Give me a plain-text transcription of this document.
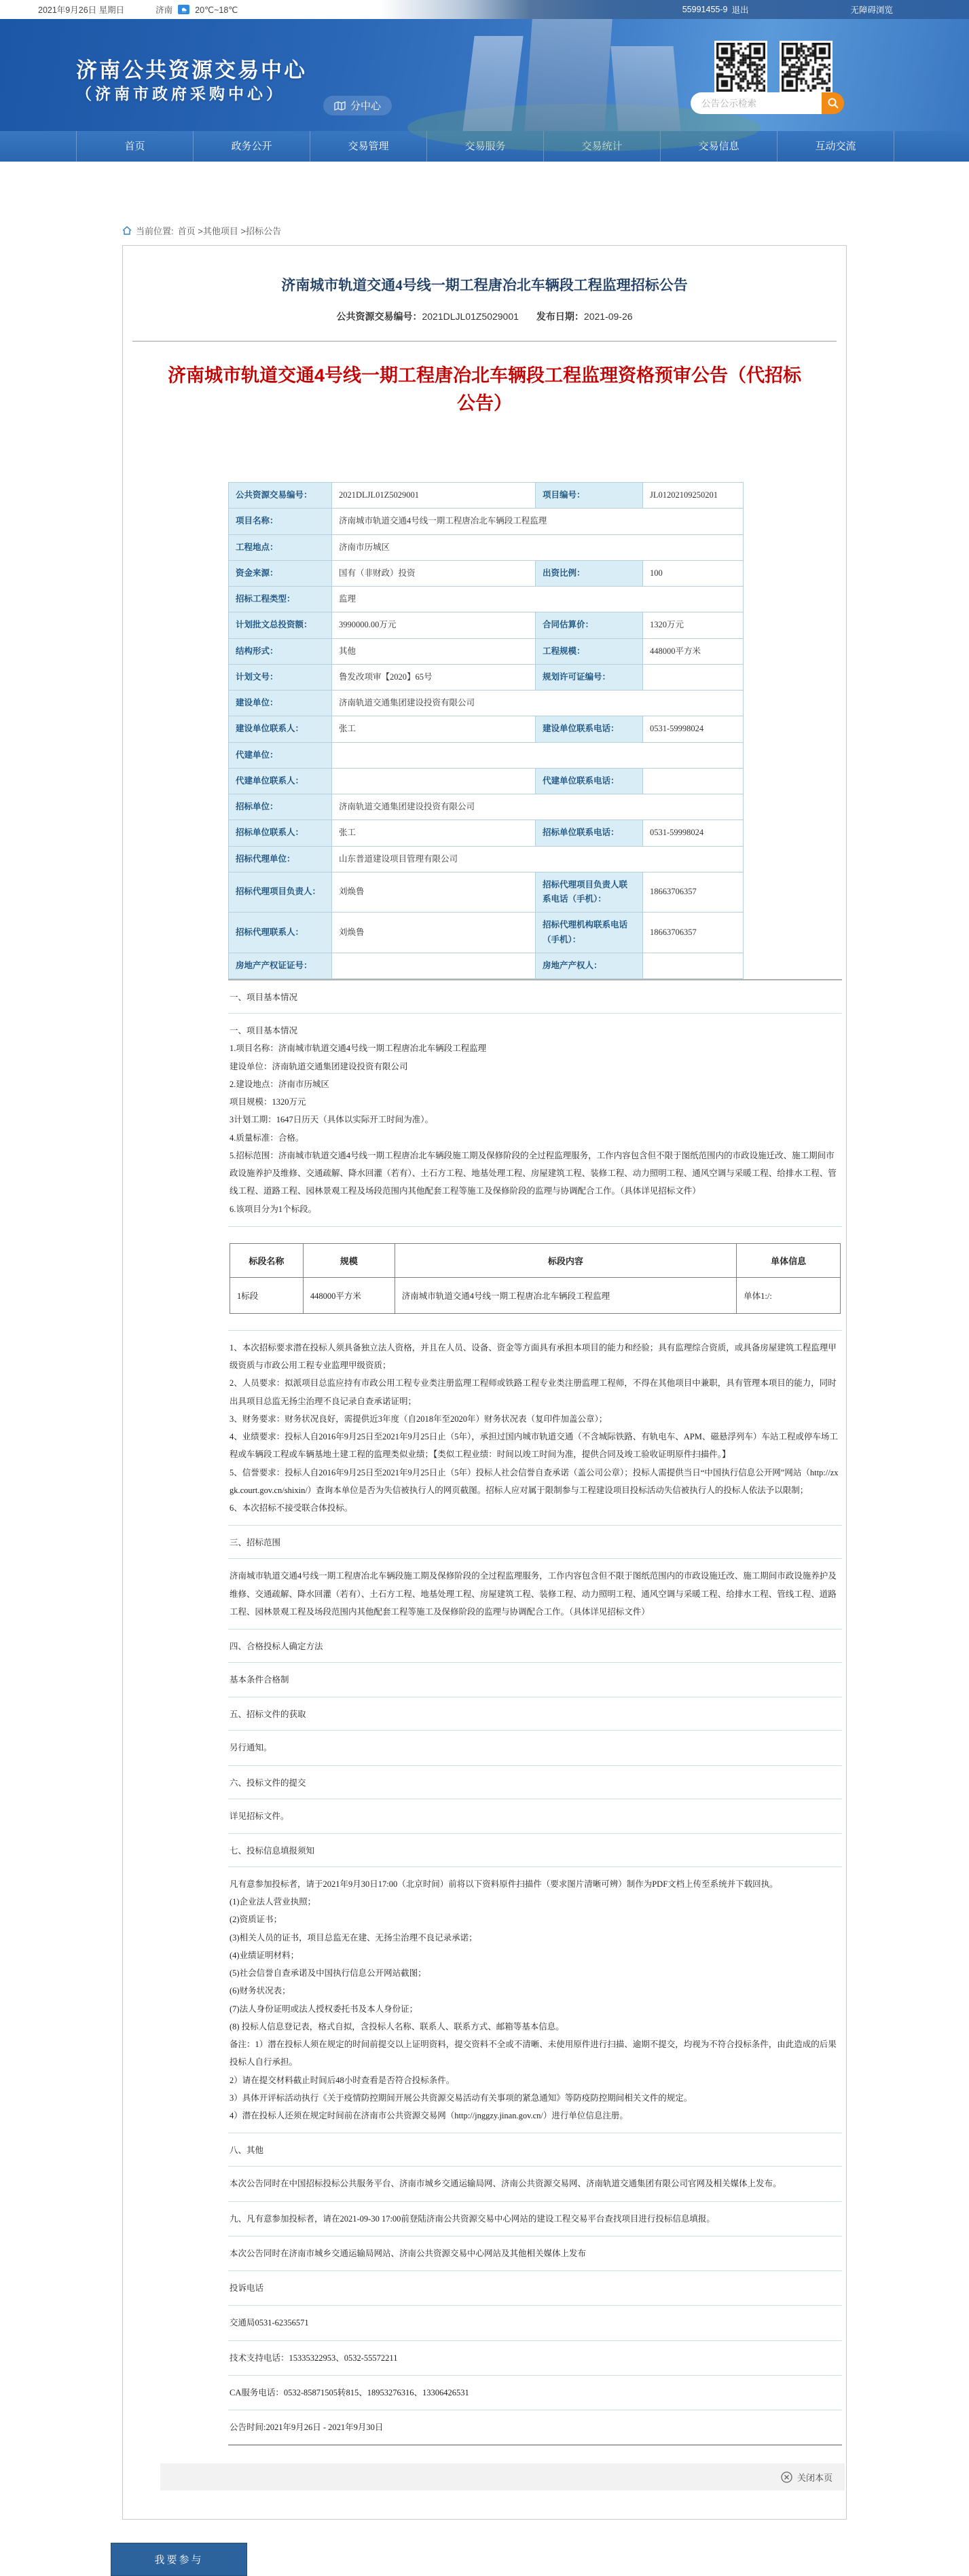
2021年9月26日 星期日	济南	20℃~18℃	55991455-9 退出	无障碍浏览
济南公共资源交易中心
（济南市政府采购中心）
分中心
公告公示检索
首页	政务公开	交易管理	交易服务	交易统计	交易信息	互动交流
当前位置: 首页 >其他项目 >招标公告
济南城市轨道交通4号线一期工程唐冶北车辆段工程监理招标公告
公共资源交易编号：2021DLJL01Z5029001 发布日期：2021-09-26
济南城市轨道交通4号线一期工程唐冶北车辆段工程监理资格预审公告（代招标公告）
公共资源交易编号：	2021DLJL01Z5029001	项目编号：	JL01202109250201
项目名称：	济南城市轨道交通4号线一期工程唐冶北车辆段工程监理		
工程地点：	济南市历城区		
资金来源：	国有（非财政）投资	出资比例：	100
招标工程类型：	监理		
计划批文总投资额：	3990000.00万元	合同估算价：	1320万元
结构形式：	其他	工程规模：	448000平方米
计划文号：	鲁发改项审【2020】65号	规划许可证编号：	
建设单位：	济南轨道交通集团建设投资有限公司		
建设单位联系人：	张工	建设单位联系电话：	0531-59998024
代建单位：			
代建单位联系人：		代建单位联系电话：	
招标单位：	济南轨道交通集团建设投资有限公司		
招标单位联系人：	张工	招标单位联系电话：	0531-59998024
招标代理单位：	山东普道建设项目管理有限公司		
招标代理项目负责人：	刘焕鲁	招标代理项目负责人联系电话（手机）：	18663706357
招标代理联系人：	刘焕鲁	招标代理机构联系电话（手机）：	18663706357
房地产产权证证号：		房地产产权人：	
一、项目基本情况
一、项目基本情况
1.项目名称：济南城市轨道交通4号线一期工程唐冶北车辆段工程监理
建设单位：济南轨道交通集团建设投资有限公司
2.建设地点：济南市历城区
项目规模：1320万元
3计划工期：1647日历天（具体以实际开工时间为准）。
4.质量标准：合格。
5.招标范围：济南城市轨道交通4号线一期工程唐冶北车辆段施工期及保修阶段的全过程监理服务，工作内容包含但不限于图纸范围内的市政设施迁改、施工期间市政设施养护及维修、交通疏解、降水回灌（若有）、土石方工程、地基处理工程、房屋建筑工程、装修工程、动力照明工程、通风空调与采暖工程、给排水工程、管线工程、道路工程、园林景观工程及场段范围内其他配套工程等施工及保修阶段的监理与协调配合工作。（具体详见招标文件）
6.该项目分为1个标段。
标段名称	规模	标段内容	单体信息
1标段	448000平方米	济南城市轨道交通4号线一期工程唐冶北车辆段工程监理	单体1:/:
1、本次招标要求潜在投标人须具备独立法人资格，并且在人员、设备、资金等方面具有承担本项目的能力和经验；具有监理综合资质，或具备房屋建筑工程监理甲级资质与市政公用工程专业监理甲级资质；
2、人员要求：拟派项目总监应持有市政公用工程专业类注册监理工程师或铁路工程专业类注册监理工程师，不得在其他项目中兼职，具有管理本项目的能力，同时出具项目总监无扬尘治理不良记录自查承诺证明；
3、财务要求：财务状况良好，需提供近3年度（自2018年至2020年）财务状况表（复印件加盖公章）；
4、业绩要求：投标人自2016年9月25日至2021年9月25日止（5年），承担过国内城市轨道交通（不含城际铁路、有轨电车、APM、磁悬浮列车）车站工程或停车场工程或车辆段工程或车辆基地土建工程的监理类似业绩；【类似工程业绩：时间以竣工时间为准，提供合同及竣工验收证明原件扫描件。】
5、信誉要求：投标人自2016年9月25日至2021年9月25日止（5年）投标人社会信誉自查承诺（盖公司公章）；投标人需提供当日“中国执行信息公开网”网站（http://zxgk.court.gov.cn/shixin/）查询本单位是否为失信被执行人的网页截图。招标人应对属于限制参与工程建设项目投标活动失信被执行人的投标人依法予以限制；
6、本次招标不接受联合体投标。
三、招标范围
济南城市轨道交通4号线一期工程唐冶北车辆段施工期及保修阶段的全过程监理服务，工作内容包含但不限于图纸范围内的市政设施迁改、施工期间市政设施养护及维修、交通疏解、降水回灌（若有）、土石方工程、地基处理工程、房屋建筑工程、装修工程、动力照明工程、通风空调与采暖工程、给排水工程、管线工程、道路工程、园林景观工程及场段范围内其他配套工程等施工及保修阶段的监理与协调配合工作。（具体详见招标文件）
四、合格投标人确定方法
基本条件合格制
五、招标文件的获取
另行通知。
六、投标文件的提交
详见招标文件。
七、投标信息填报须知
凡有意参加投标者，请于2021年9月30日17:00（北京时间）前将以下资料原件扫描件（要求图片清晰可辨）制作为PDF文档上传至系统并下载回执。
(1)企业法人营业执照；
(2)资质证书；
(3)相关人员的证书，项目总监无在建、无扬尘治理不良记录承诺；
(4)业绩证明材料；
(5)社会信誉自查承诺及中国执行信息公开网站截图；
(6)财务状况表；
(7)法人身份证明或法人授权委托书及本人身份证；
(8) 投标人信息登记表，格式自拟，含投标人名称、联系人、联系方式、邮箱等基本信息。
备注：1）潜在投标人须在规定的时间前提交以上证明资料，提交资料不全或不清晰、未使用原件进行扫描、逾期不提交，均视为不符合投标条件，由此造成的后果投标人自行承担。
2）请在提交材料截止时间后48小时查看是否符合投标条件。
3）具体开评标活动执行《关于疫情防控期间开展公共资源交易活动有关事项的紧急通知》等防疫防控期间相关文件的规定。
4）潜在投标人还须在规定时间前在济南市公共资源交易网（http://jnggzy.jinan.gov.cn/）进行单位信息注册。
八、其他
本次公告同时在中国招标投标公共服务平台、济南市城乡交通运输局网、济南公共资源交易网、济南轨道交通集团有限公司官网及相关媒体上发布。
九、凡有意参加投标者，请在2021-09-30 17:00前登陆济南公共资源交易中心网站的建设工程交易平台查找项目进行投标信息填报。
本次公告同时在济南市城乡交通运输局网站、济南公共资源交易中心网站及其他相关媒体上发布
投诉电话
交通局0531-62356571
技术支持电话：15335322953、0532-55572211
CA服务电话：0532-85871505转815、18953276316、13306426531
公告时间:2021年9月26日 - 2021年9月30日
关闭本页
我要参与
